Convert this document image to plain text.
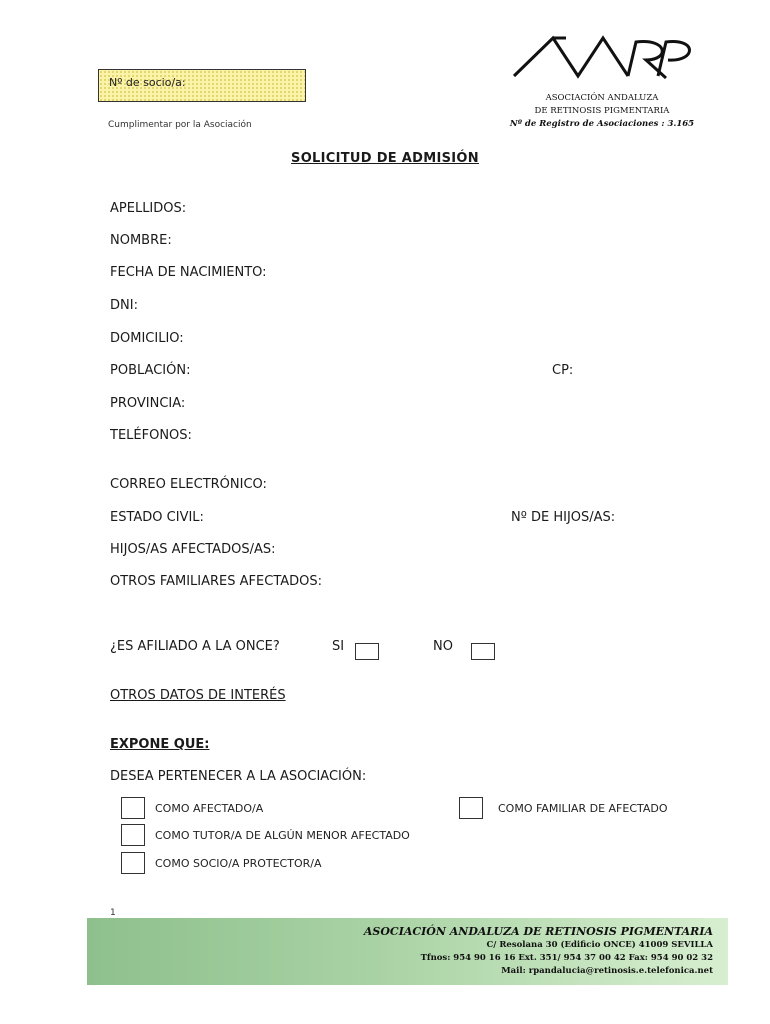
Nº de socio/a:
Cumplimentar por la Asociación
ASOCIACIÓN ANDALUZA
DE RETINOSIS PIGMENTARIA
Nº de Registro de Asociaciones : 3.165
SOLICITUD DE ADMISIÓN
APELLIDOS:
NOMBRE:
FECHA DE NACIMIENTO:
DNI:
DOMICILIO:
POBLACIÓN:	CP:
PROVINCIA:
TELÉFONOS:
CORREO ELECTRÓNICO:
ESTADO CIVIL:	Nº DE HIJOS/AS:
HIJOS/AS AFECTADOS/AS:
OTROS FAMILIARES AFECTADOS:
¿ES AFILIADO A LA ONCE?	SI	NO
OTROS DATOS DE INTERÉS
EXPONE QUE:
DESEA PERTENECER A LA ASOCIACIÓN:
COMO AFECTADO/A	COMO FAMILIAR DE AFECTADO
COMO TUTOR/A DE ALGÚN MENOR AFECTADO
COMO SOCIO/A PROTECTOR/A
1
ASOCIACIÓN ANDALUZA DE RETINOSIS PIGMENTARIA
C/ Resolana 30 (Edificio ONCE) 41009 SEVILLA
Tfnos: 954 90 16 16 Ext. 351/ 954 37 00 42 Fax: 954 90 02 32
Mail: rpandalucia@retinosis.e.telefonica.net
